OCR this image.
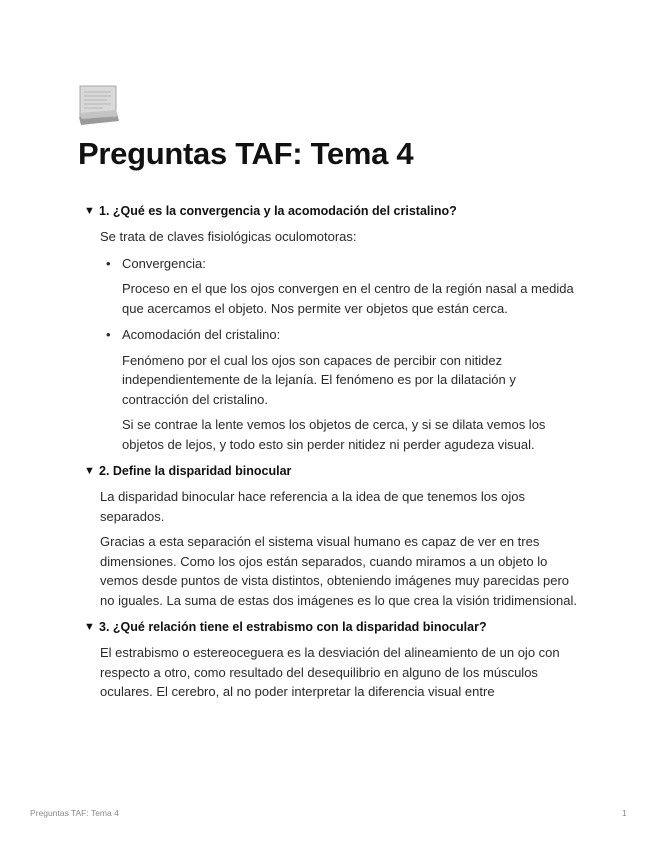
Preguntas TAF: Tema 4
▼ 1. ¿Qué es la convergencia y la acomodación del cristalino?

Se trata de claves fisiológicas oculomotoras:

• Convergencia:

Proceso en el que los ojos convergen en el centro de la región nasal a medida que acercamos el objeto. Nos permite ver objetos que están cerca.

• Acomodación del cristalino:

Fenómeno por el cual los ojos son capaces de percibir con nitidez independientemente de la lejanía. El fenómeno es por la dilatación y contracción del cristalino.

Si se contrae la lente vemos los objetos de cerca, y si se dilata vemos los objetos de lejos, y todo esto sin perder nitidez ni perder agudeza visual.

▼ 2. Define la disparidad binocular

La disparidad binocular hace referencia a la idea de que tenemos los ojos separados.

Gracias a esta separación el sistema visual humano es capaz de ver en tres dimensiones. Como los ojos están separados, cuando miramos a un objeto lo vemos desde puntos de vista distintos, obteniendo imágenes muy parecidas pero no iguales. La suma de estas dos imágenes es lo que crea la visión tridimensional.

▼ 3. ¿Qué relación tiene el estrabismo con la disparidad binocular?

El estrabismo o estereoceguera es la desviación del alineamiento de un ojo con respecto a otro, como resultado del desequilibrio en alguno de los músculos oculares. El cerebro, al no poder interpretar la diferencia visual entre

Preguntas TAF: Tema 4	1
